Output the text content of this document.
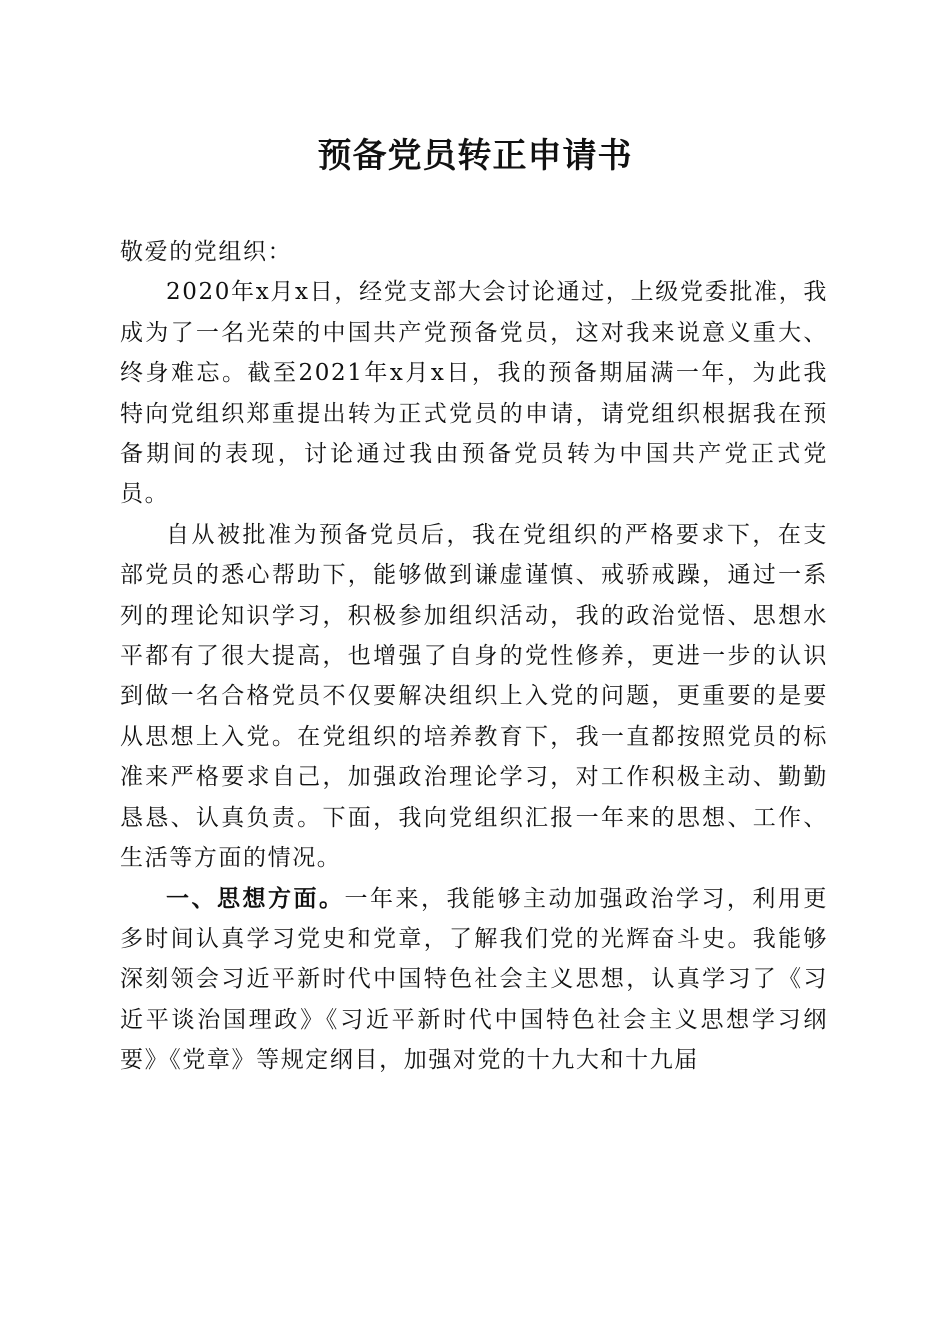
预备党员转正申请书

敬爱的党组织：

2020年x月x日，经党支部大会讨论通过，上级党委批准，我成为了一名光荣的中国共产党预备党员，这对我来说意义重大、终身难忘。截至2021年x月x日，我的预备期届满一年，为此我特向党组织郑重提出转为正式党员的申请，请党组织根据我在预备期间的表现，讨论通过我由预备党员转为中国共产党正式党员。

自从被批准为预备党员后，我在党组织的严格要求下，在支部党员的悉心帮助下，能够做到谦虚谨慎、戒骄戒躁，通过一系列的理论知识学习，积极参加组织活动，我的政治觉悟、思想水平都有了很大提高，也增强了自身的党性修养，更进一步的认识到做一名合格党员不仅要解决组织上入党的问题，更重要的是要从思想上入党。在党组织的培养教育下，我一直都按照党员的标准来严格要求自己，加强政治理论学习，对工作积极主动、勤勤恳恳、认真负责。下面，我向党组织汇报一年来的思想、工作、生活等方面的情况。

一、思想方面。一年来，我能够主动加强政治学习，利用更多时间认真学习党史和党章，了解我们党的光辉奋斗史。我能够深刻领会习近平新时代中国特色社会主义思想，认真学习了《习近平谈治国理政》《习近平新时代中国特色社会主义思想学习纲要》《党章》等规定纲目，加强对党的十九大和十九届
